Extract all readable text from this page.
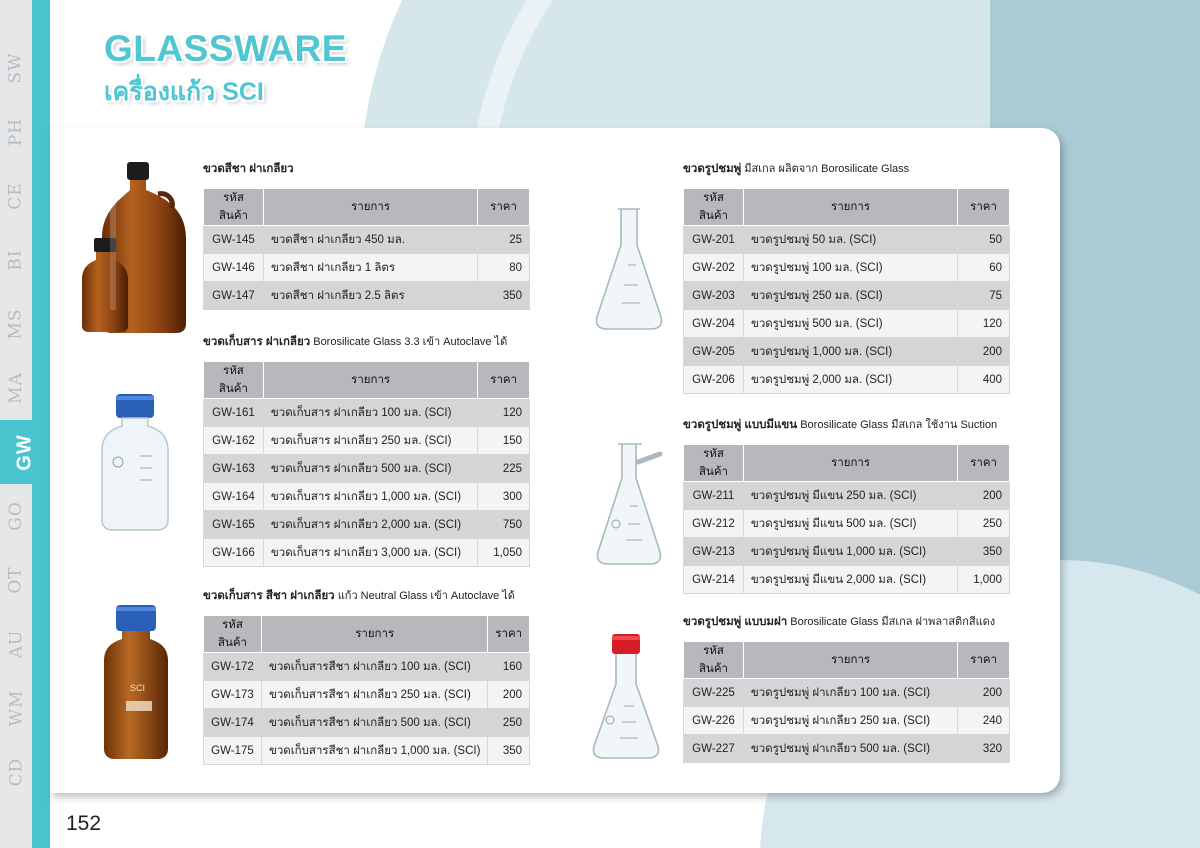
SW
PH
CE
BI
MS
MA
GW
GO
OT
AU
WM
CD
GLASSWARE
เครื่องแก้ว SCI
SCI
ขวดสีชา ฝาเกลียว
รหัสสินค้า	รายการ	ราคา
GW-145	ขวดสีชา ฝาเกลียว 450 มล.	25
GW-146	ขวดสีชา ฝาเกลียว 1 ลิตร	80
GW-147	ขวดสีชา ฝาเกลียว 2.5 ลิตร	350
ขวดเก็บสาร ฝาเกลียว Borosilicate Glass 3.3 เข้า Autoclave ได้
รหัสสินค้า	รายการ	ราคา
GW-161	ขวดเก็บสาร ฝาเกลียว 100 มล. (SCI)	120
GW-162	ขวดเก็บสาร ฝาเกลียว 250 มล. (SCI)	150
GW-163	ขวดเก็บสาร ฝาเกลียว 500 มล. (SCI)	225
GW-164	ขวดเก็บสาร ฝาเกลียว 1,000 มล. (SCI)	300
GW-165	ขวดเก็บสาร ฝาเกลียว 2,000 มล. (SCI)	750
GW-166	ขวดเก็บสาร ฝาเกลียว 3,000 มล. (SCI)	1,050
ขวดเก็บสาร สีชา ฝาเกลียว แก้ว Neutral Glass เข้า Autoclave ได้
รหัสสินค้า	รายการ	ราคา
GW-172	ขวดเก็บสารสีชา ฝาเกลียว 100 มล. (SCI)	160
GW-173	ขวดเก็บสารสีชา ฝาเกลียว 250 มล. (SCI)	200
GW-174	ขวดเก็บสารสีชา ฝาเกลียว 500 มล. (SCI)	250
GW-175	ขวดเก็บสารสีชา ฝาเกลียว 1,000 มล. (SCI)	350
ขวดรูปชมพู่ มีสเกล ผลิตจาก Borosilicate Glass
รหัสสินค้า	รายการ	ราคา
GW-201	ขวดรูปชมพู่ 50 มล. (SCI)	50
GW-202	ขวดรูปชมพู่ 100 มล. (SCI)	60
GW-203	ขวดรูปชมพู่ 250 มล. (SCI)	75
GW-204	ขวดรูปชมพู่ 500 มล. (SCI)	120
GW-205	ขวดรูปชมพู่ 1,000 มล. (SCI)	200
GW-206	ขวดรูปชมพู่ 2,000 มล. (SCI)	400
ขวดรูปชมพู่ แบบมีแขน Borosilicate Glass มีสเกล ใช้งาน Suction
รหัสสินค้า	รายการ	ราคา
GW-211	ขวดรูปชมพู่ มีแขน 250 มล. (SCI)	200
GW-212	ขวดรูปชมพู่ มีแขน 500 มล. (SCI)	250
GW-213	ขวดรูปชมพู่ มีแขน 1,000 มล. (SCI)	350
GW-214	ขวดรูปชมพู่ มีแขน 2,000 มล. (SCI)	1,000
ขวดรูปชมพู่ แบบมฝา Borosilicate Glass มีสเกล ฝาพลาสติกสีแดง
รหัสสินค้า	รายการ	ราคา
GW-225	ขวดรูปชมพู่ ฝาเกลียว 100 มล. (SCI)	200
GW-226	ขวดรูปชมพู่ ฝาเกลียว 250 มล. (SCI)	240
GW-227	ขวดรูปชมพู่ ฝาเกลียว 500 มล. (SCI)	320
152
